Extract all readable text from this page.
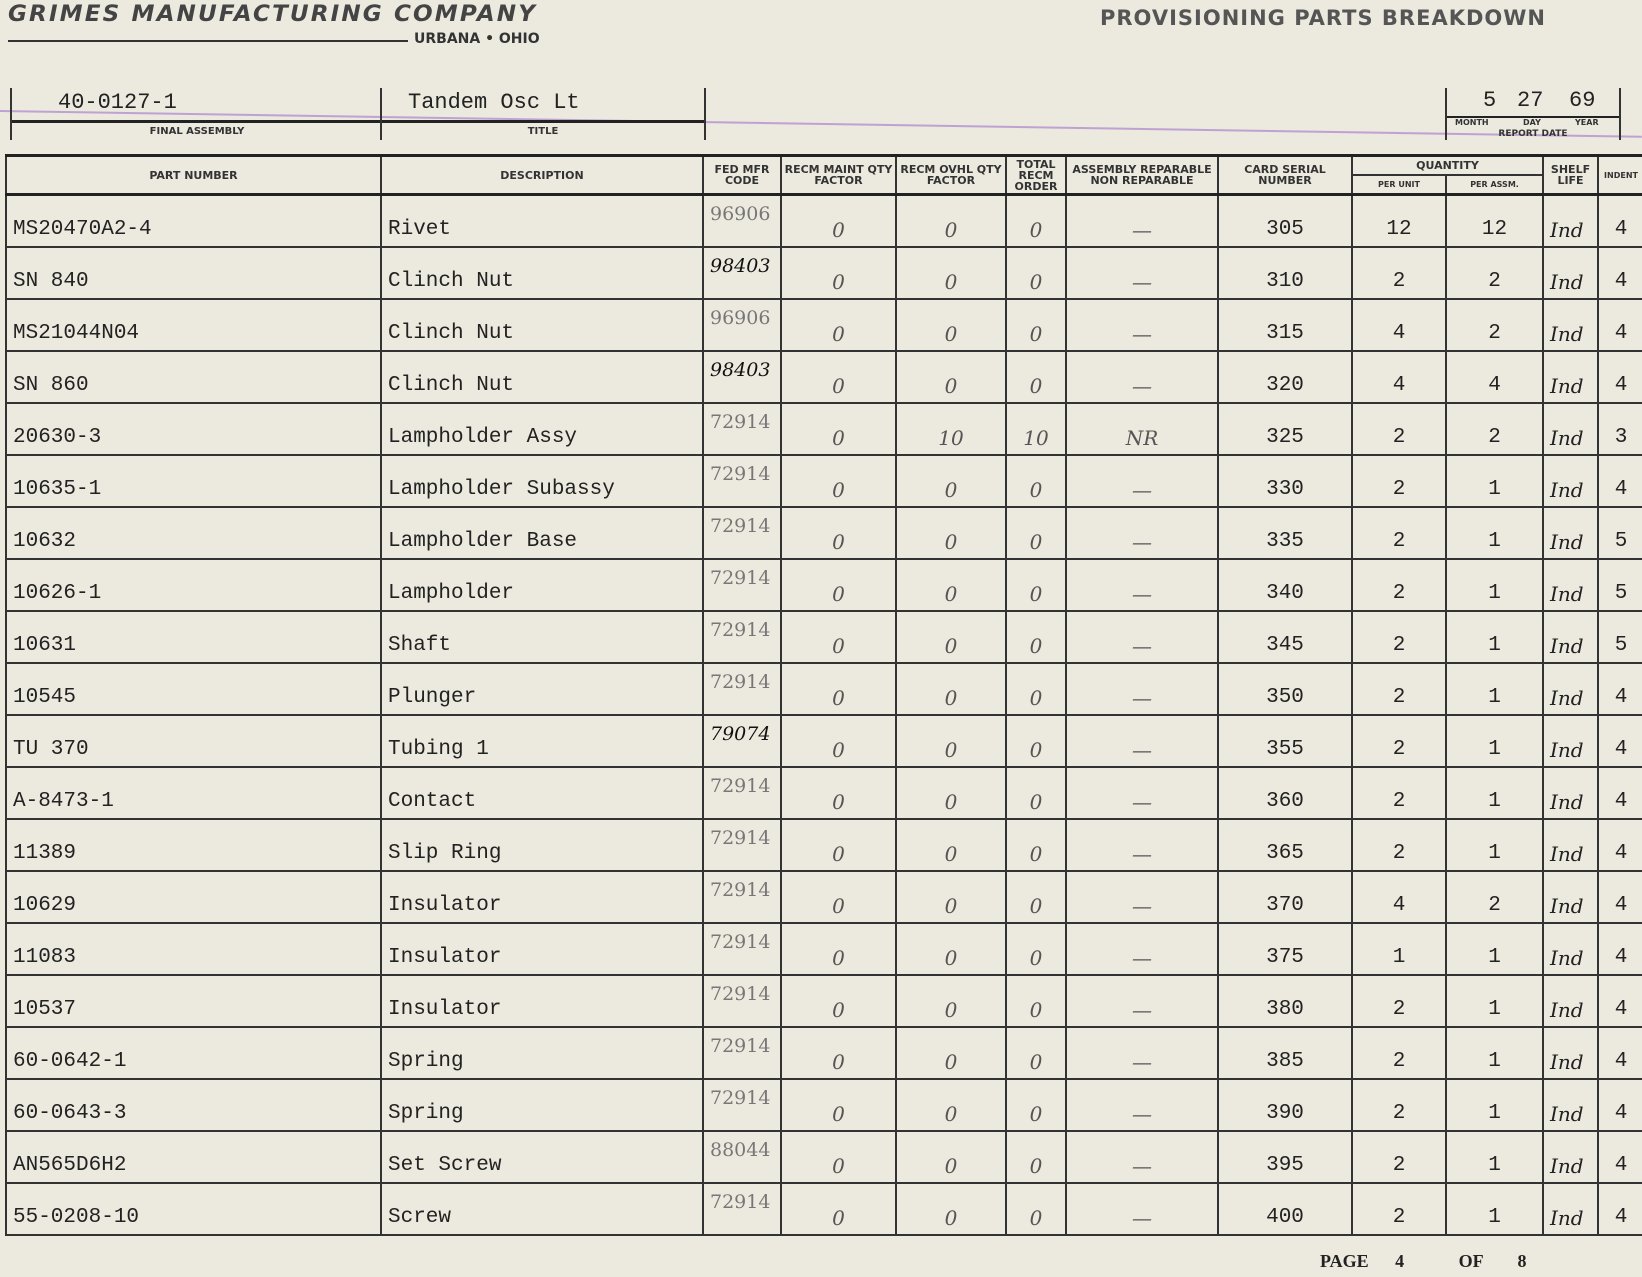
GRIMES MANUFACTURING COMPANY
URBANA • OHIO
PROVISIONING PARTS BREAKDOWN
40-0127-1
FINAL ASSEMBLY
Tandem Osc Lt
TITLE
5 27 69
MONTH	DAY	YEAR
REPORT DATE
PART NUMBER	DESCRIPTION	FED MFR CODE	RECM MAINT QTY FACTOR	RECM OVHL QTY FACTOR	TOTAL RECM ORDER	ASSEMBLY REPARABLE NON REPARABLE	CARD SERIAL NUMBER	QUANTITY		SHELF LIFE	INDENT
								PER UNIT	PER ASSM.		
MS20470A2-4	Rivet	96906	0	0	0	—	305	12	12	Ind	4
SN 840	Clinch Nut	98403	0	0	0	—	310	2	2	Ind	4
MS21044N04	Clinch Nut	96906	0	0	0	—	315	4	2	Ind	4
SN 860	Clinch Nut	98403	0	0	0	—	320	4	4	Ind	4
20630-3	Lampholder Assy	72914	0	10	10	NR	325	2	2	Ind	3
10635-1	Lampholder Subassy	72914	0	0	0	—	330	2	1	Ind	4
10632	Lampholder Base	72914	0	0	0	—	335	2	1	Ind	5
10626-1	Lampholder	72914	0	0	0	—	340	2	1	Ind	5
10631	Shaft	72914	0	0	0	—	345	2	1	Ind	5
10545	Plunger	72914	0	0	0	—	350	2	1	Ind	4
TU 370	Tubing 1	79074	0	0	0	—	355	2	1	Ind	4
A-8473-1	Contact	72914	0	0	0	—	360	2	1	Ind	4
11389	Slip Ring	72914	0	0	0	—	365	2	1	Ind	4
10629	Insulator	72914	0	0	0	—	370	4	2	Ind	4
11083	Insulator	72914	0	0	0	—	375	1	1	Ind	4
10537	Insulator	72914	0	0	0	—	380	2	1	Ind	4
60-0642-1	Spring	72914	0	0	0	—	385	2	1	Ind	4
60-0643-3	Spring	72914	0	0	0	—	390	2	1	Ind	4
AN565D6H2	Set Screw	88044	0	0	0	—	395	2	1	Ind	4
55-0208-10	Screw	72914	0	0	0	—	400	2	1	Ind	4
PAGE 4	OF 8
